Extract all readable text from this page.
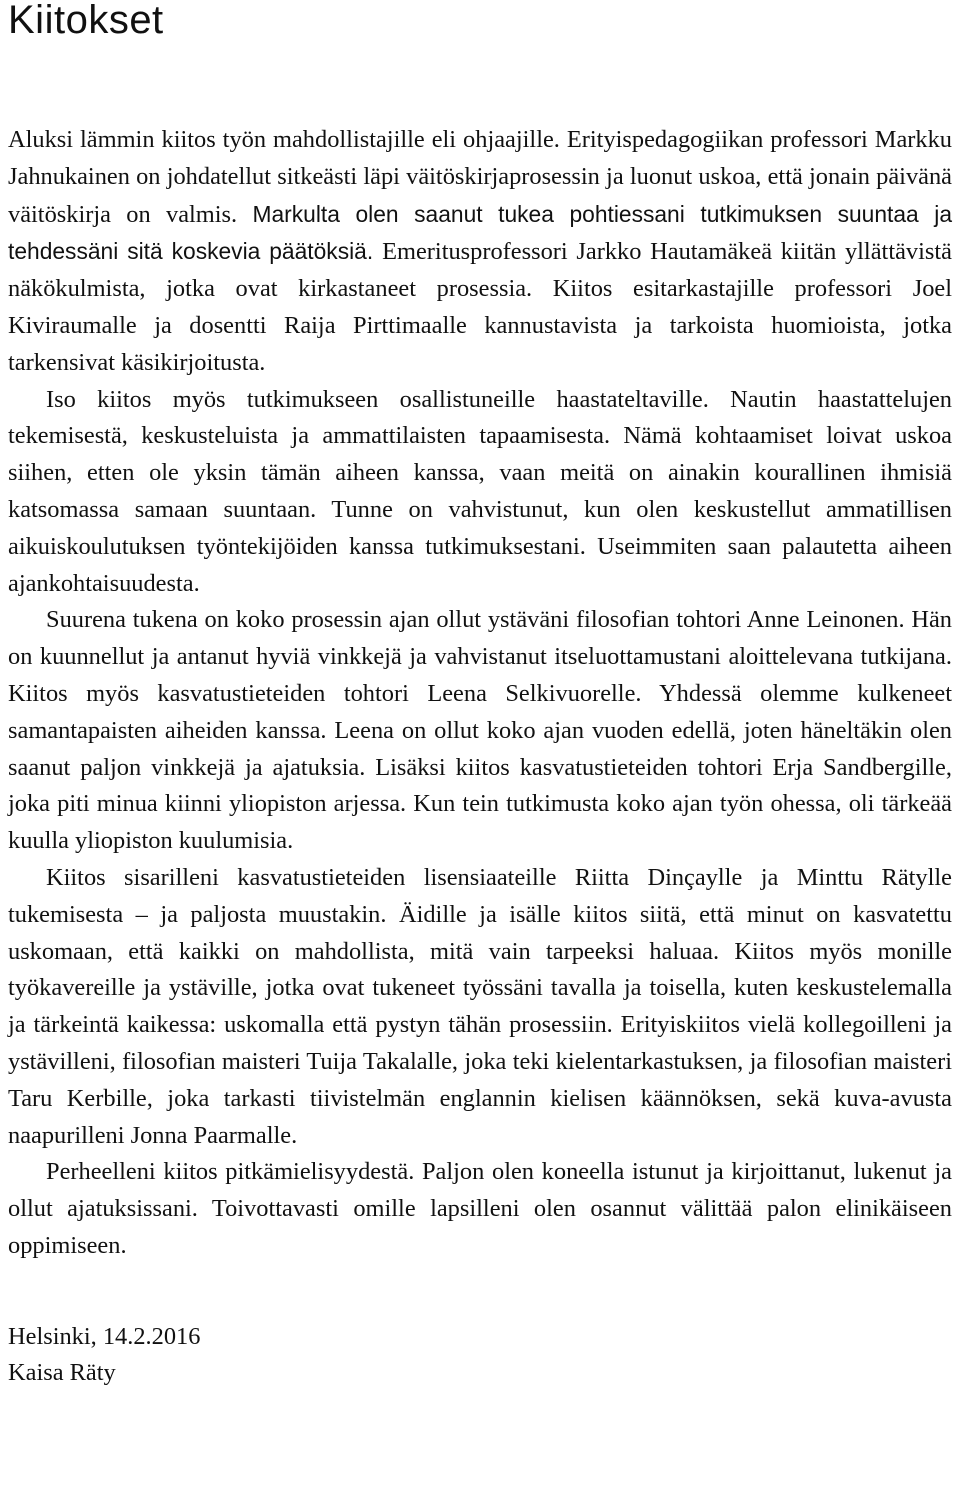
Kiitokset

Aluksi lämmin kiitos työn mahdollistajille eli ohjaajille. Erityispedagogiikan professori Markku Jahnukainen on johdatellut sitkeästi läpi väitöskirjaprosessin ja luonut uskoa, että jonain päivänä väitöskirja on valmis. Markulta olen saanut tukea pohtiessani tutkimuksen suuntaa ja tehdessäni sitä koskevia päätöksiä. Emeritusprofessori Jarkko Hautamäkeä kiitän yllättävistä näkökulmista, jotka ovat kirkastaneet prosessia. Kiitos esitarkastajille professori Joel Kiviraumalle ja dosentti Raija Pirttimaalle kannustavista ja tarkoista huomioista, jotka tarkensivat käsikirjoitusta.

Iso kiitos myös tutkimukseen osallistuneille haastateltaville. Nautin haastattelujen tekemisestä, keskusteluista ja ammattilaisten tapaamisesta. Nämä kohtaamiset loivat uskoa siihen, etten ole yksin tämän aiheen kanssa, vaan meitä on ainakin kourallinen ihmisiä katsomassa samaan suuntaan. Tunne on vahvistunut, kun olen keskustellut ammatillisen aikuiskoulutuksen työntekijöiden kanssa tutkimuksestani. Useimmiten saan palautetta aiheen ajankohtaisuudesta.

Suurena tukena on koko prosessin ajan ollut ystäväni filosofian tohtori Anne Leinonen. Hän on kuunnellut ja antanut hyviä vinkkejä ja vahvistanut itseluottamustani aloittelevana tutkijana. Kiitos myös kasvatustieteiden tohtori Leena Selkivuorelle. Yhdessä olemme kulkeneet samantapaisten aiheiden kanssa. Leena on ollut koko ajan vuoden edellä, joten häneltäkin olen saanut paljon vinkkejä ja ajatuksia. Lisäksi kiitos kasvatustieteiden tohtori Erja Sandbergille, joka piti minua kiinni yliopiston arjessa. Kun tein tutkimusta koko ajan työn ohessa, oli tärkeää kuulla yliopiston kuulumisia.

Kiitos sisarilleni kasvatustieteiden lisensiaateille Riitta Dinçaylle ja Minttu Rätylle tukemisesta – ja paljosta muustakin. Äidille ja isälle kiitos siitä, että minut on kasvatettu uskomaan, että kaikki on mahdollista, mitä vain tarpeeksi haluaa. Kiitos myös monille työkavereille ja ystäville, jotka ovat tukeneet työssäni tavalla ja toisella, kuten keskustelemalla ja tärkeintä kaikessa: uskomalla että pystyn tähän prosessiin. Erityiskiitos vielä kollegoilleni ja ystävilleni, filosofian maisteri Tuija Takalalle, joka teki kielentarkastuksen, ja filosofian maisteri Taru Kerbille, joka tarkasti tiivistelmän englannin kielisen käännöksen, sekä kuva-avusta naapurilleni Jonna Paarmalle.

Perheelleni kiitos pitkämielisyydestä. Paljon olen koneella istunut ja kirjoittanut, lukenut ja ollut ajatuksissani. Toivottavasti omille lapsilleni olen osannut välittää palon elinikäiseen oppimiseen.

Helsinki, 14.2.2016
Kaisa Räty
